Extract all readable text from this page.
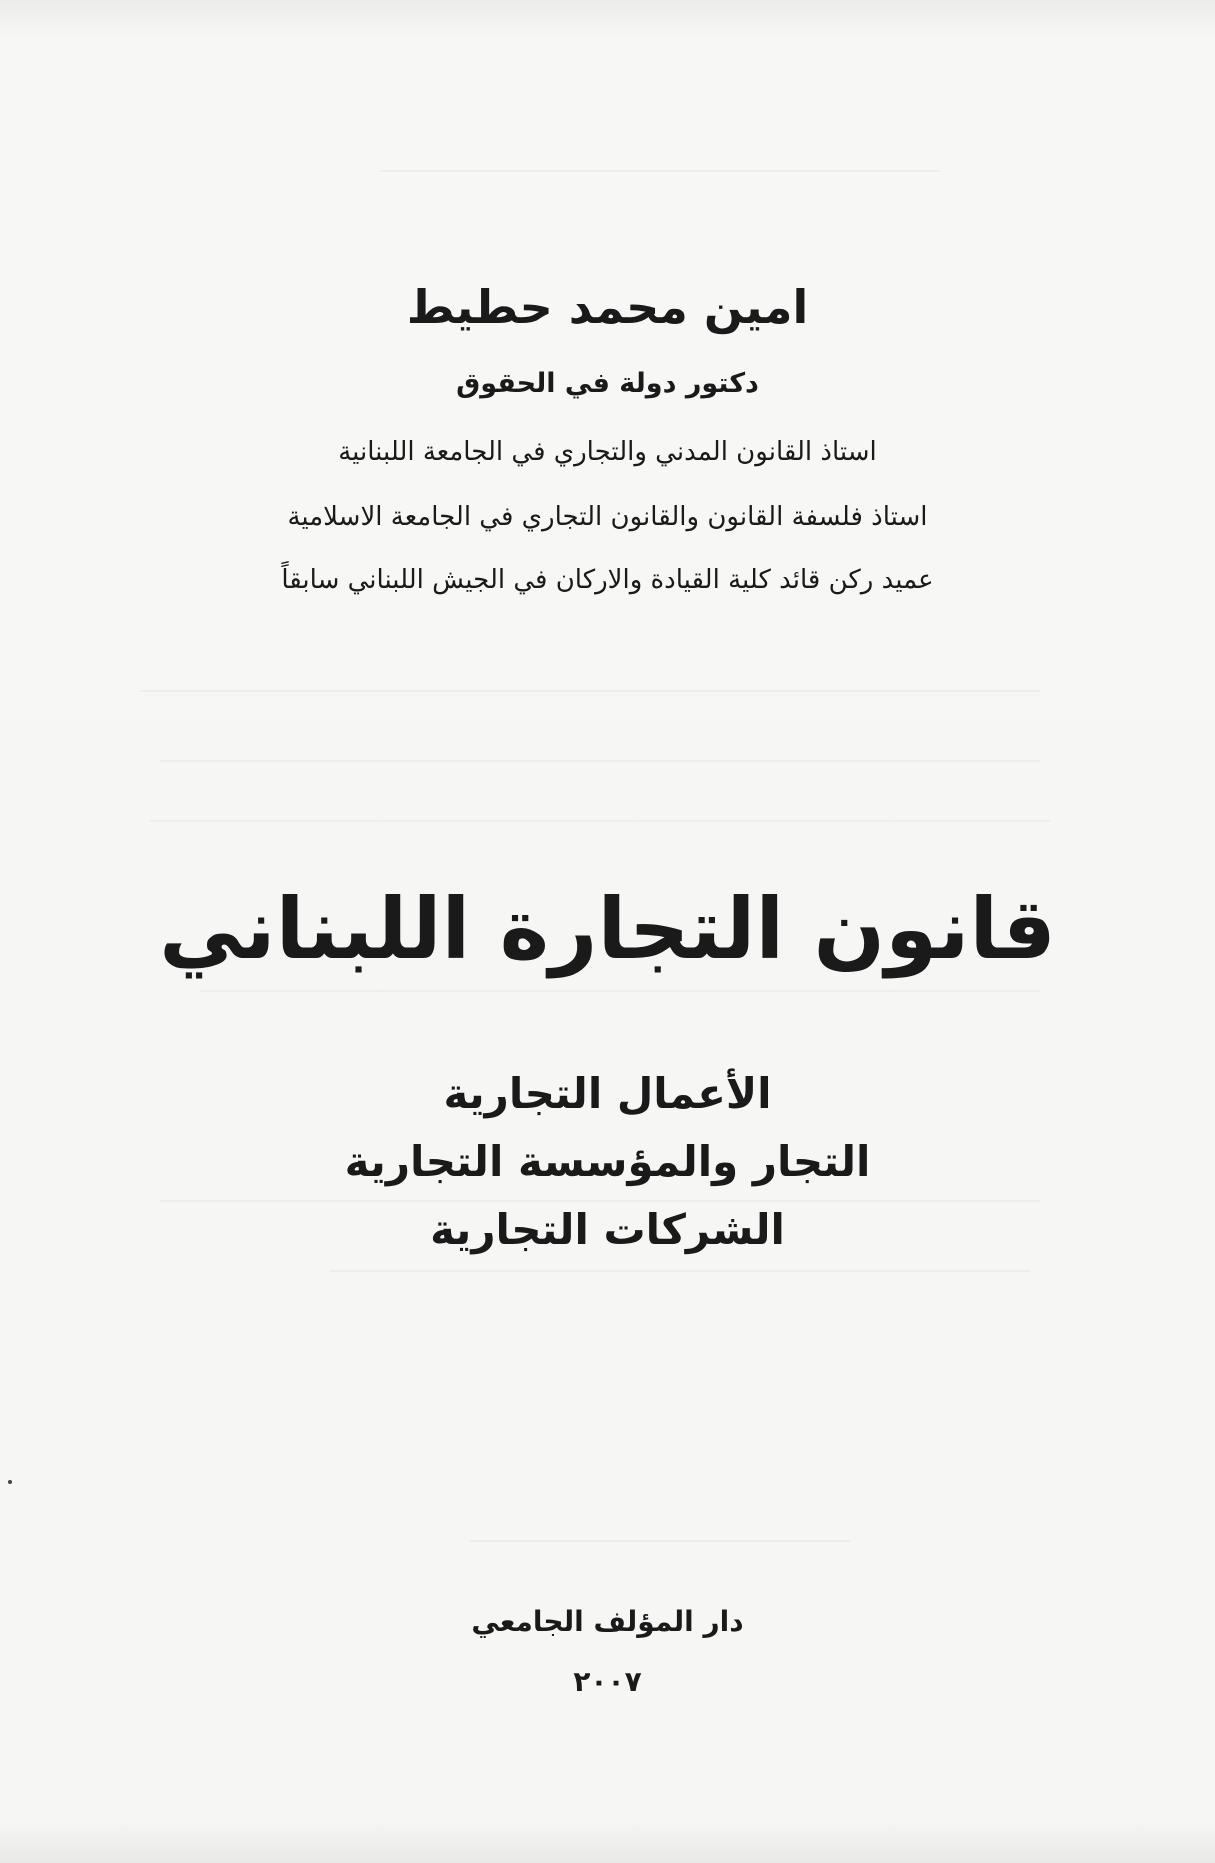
امين محمد حطيط
دكتور دولة في الحقوق
استاذ القانون المدني والتجاري في الجامعة اللبنانية
استاذ فلسفة القانون والقانون التجاري في الجامعة الاسلامية
عميد ركن قائد كلية القيادة والاركان في الجيش اللبناني سابقاً
قانون التجارة اللبناني
الأعمال التجارية
التجار والمؤسسة التجارية
الشركات التجارية
دار المؤلف الجامعي
٢٠٠٧
